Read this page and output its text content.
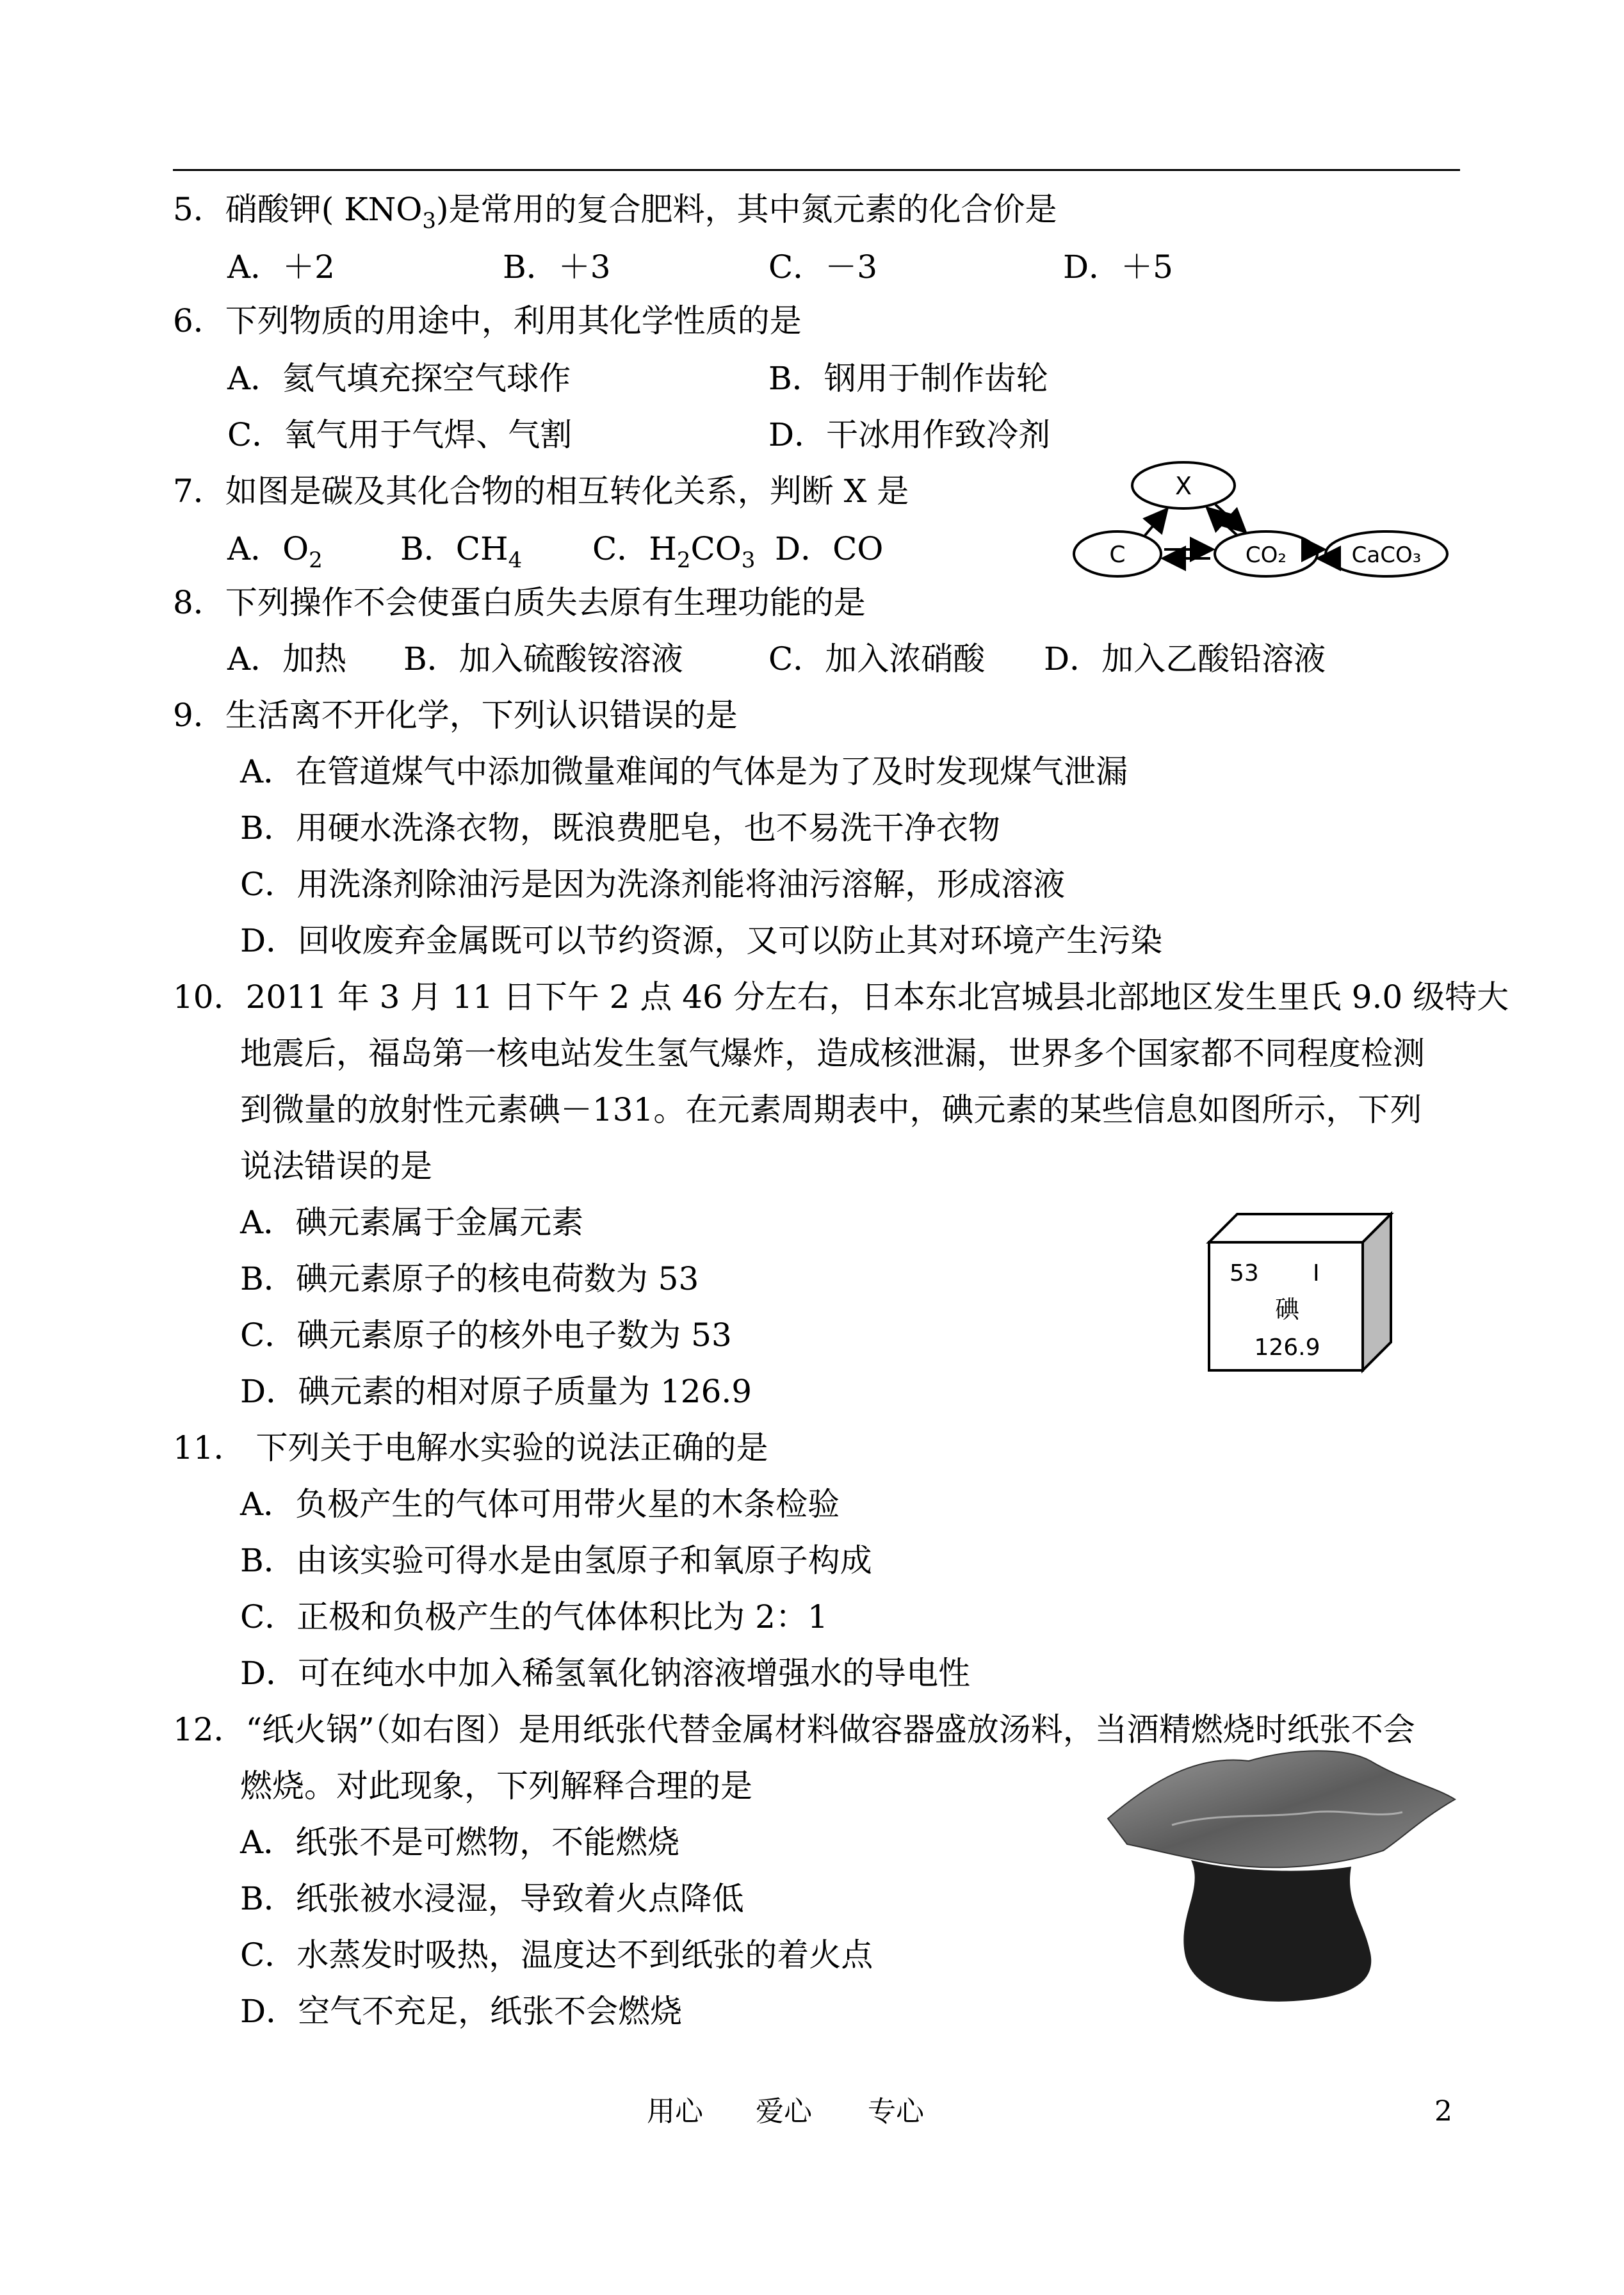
5．硝酸钾( $KNO_3$)是常用的复合肥料，其中氮元素的化合价是
A．＋2	B．＋3	C．－3	D．＋5
6．下列物质的用途中，利用其化学性质的是
A．氦气填充探空气球作	B．钢用于制作齿轮
C．氧气用于气焊、气割	D．干冰用作致冷剂
7．如图是碳及其化合物的相互转化关系，判断 X 是
A．$O_2$ B．$CH_4$ C．$H_2CO_3$ D．CO
X
C	CO₂	CaCO₃
8．下列操作不会使蛋白质失去原有生理功能的是
A．加热 B．加入硫酸铵溶液	C．加入浓硝酸 D．加入乙酸铅溶液
9．生活离不开化学，下列认识错误的是
A．在管道煤气中添加微量难闻的气体是为了及时发现煤气泄漏
B．用硬水洗涤衣物，既浪费肥皂，也不易洗干净衣物
C．用洗涤剂除油污是因为洗涤剂能将油污溶解，形成溶液
D．回收废弃金属既可以节约资源，又可以防止其对环境产生污染
10．2011 年 3 月 11 日下午 2 点 46 分左右，日本东北宫城县北部地区发生里氏 9.0 级特大
地震后，福岛第一核电站发生氢气爆炸，造成核泄漏，世界多个国家都不同程度检测
到微量的放射性元素碘－131。在元素周期表中，碘元素的某些信息如图所示，下列
说法错误的是
A．碘元素属于金属元素
B．碘元素原子的核电荷数为 53
C．碘元素原子的核外电子数为 53
D．碘元素的相对原子质量为 126.9
53 I
碘
126.9
11． 下列关于电解水实验的说法正确的是
A．负极产生的气体可用带火星的木条检验
B．由该实验可得水是由氢原子和氧原子构成
C．正极和负极产生的气体体积比为 2：1
D．可在纯水中加入稀氢氧化钠溶液增强水的导电性
12．“纸火锅”（如右图）是用纸张代替金属材料做容器盛放汤料，当酒精燃烧时纸张不会
燃烧。对此现象，下列解释合理的是
A．纸张不是可燃物，不能燃烧
B．纸张被水浸湿，导致着火点降低
C．水蒸发时吸热，温度达不到纸张的着火点
D．空气不充足，纸张不会燃烧
用心 爱心 专心	2
